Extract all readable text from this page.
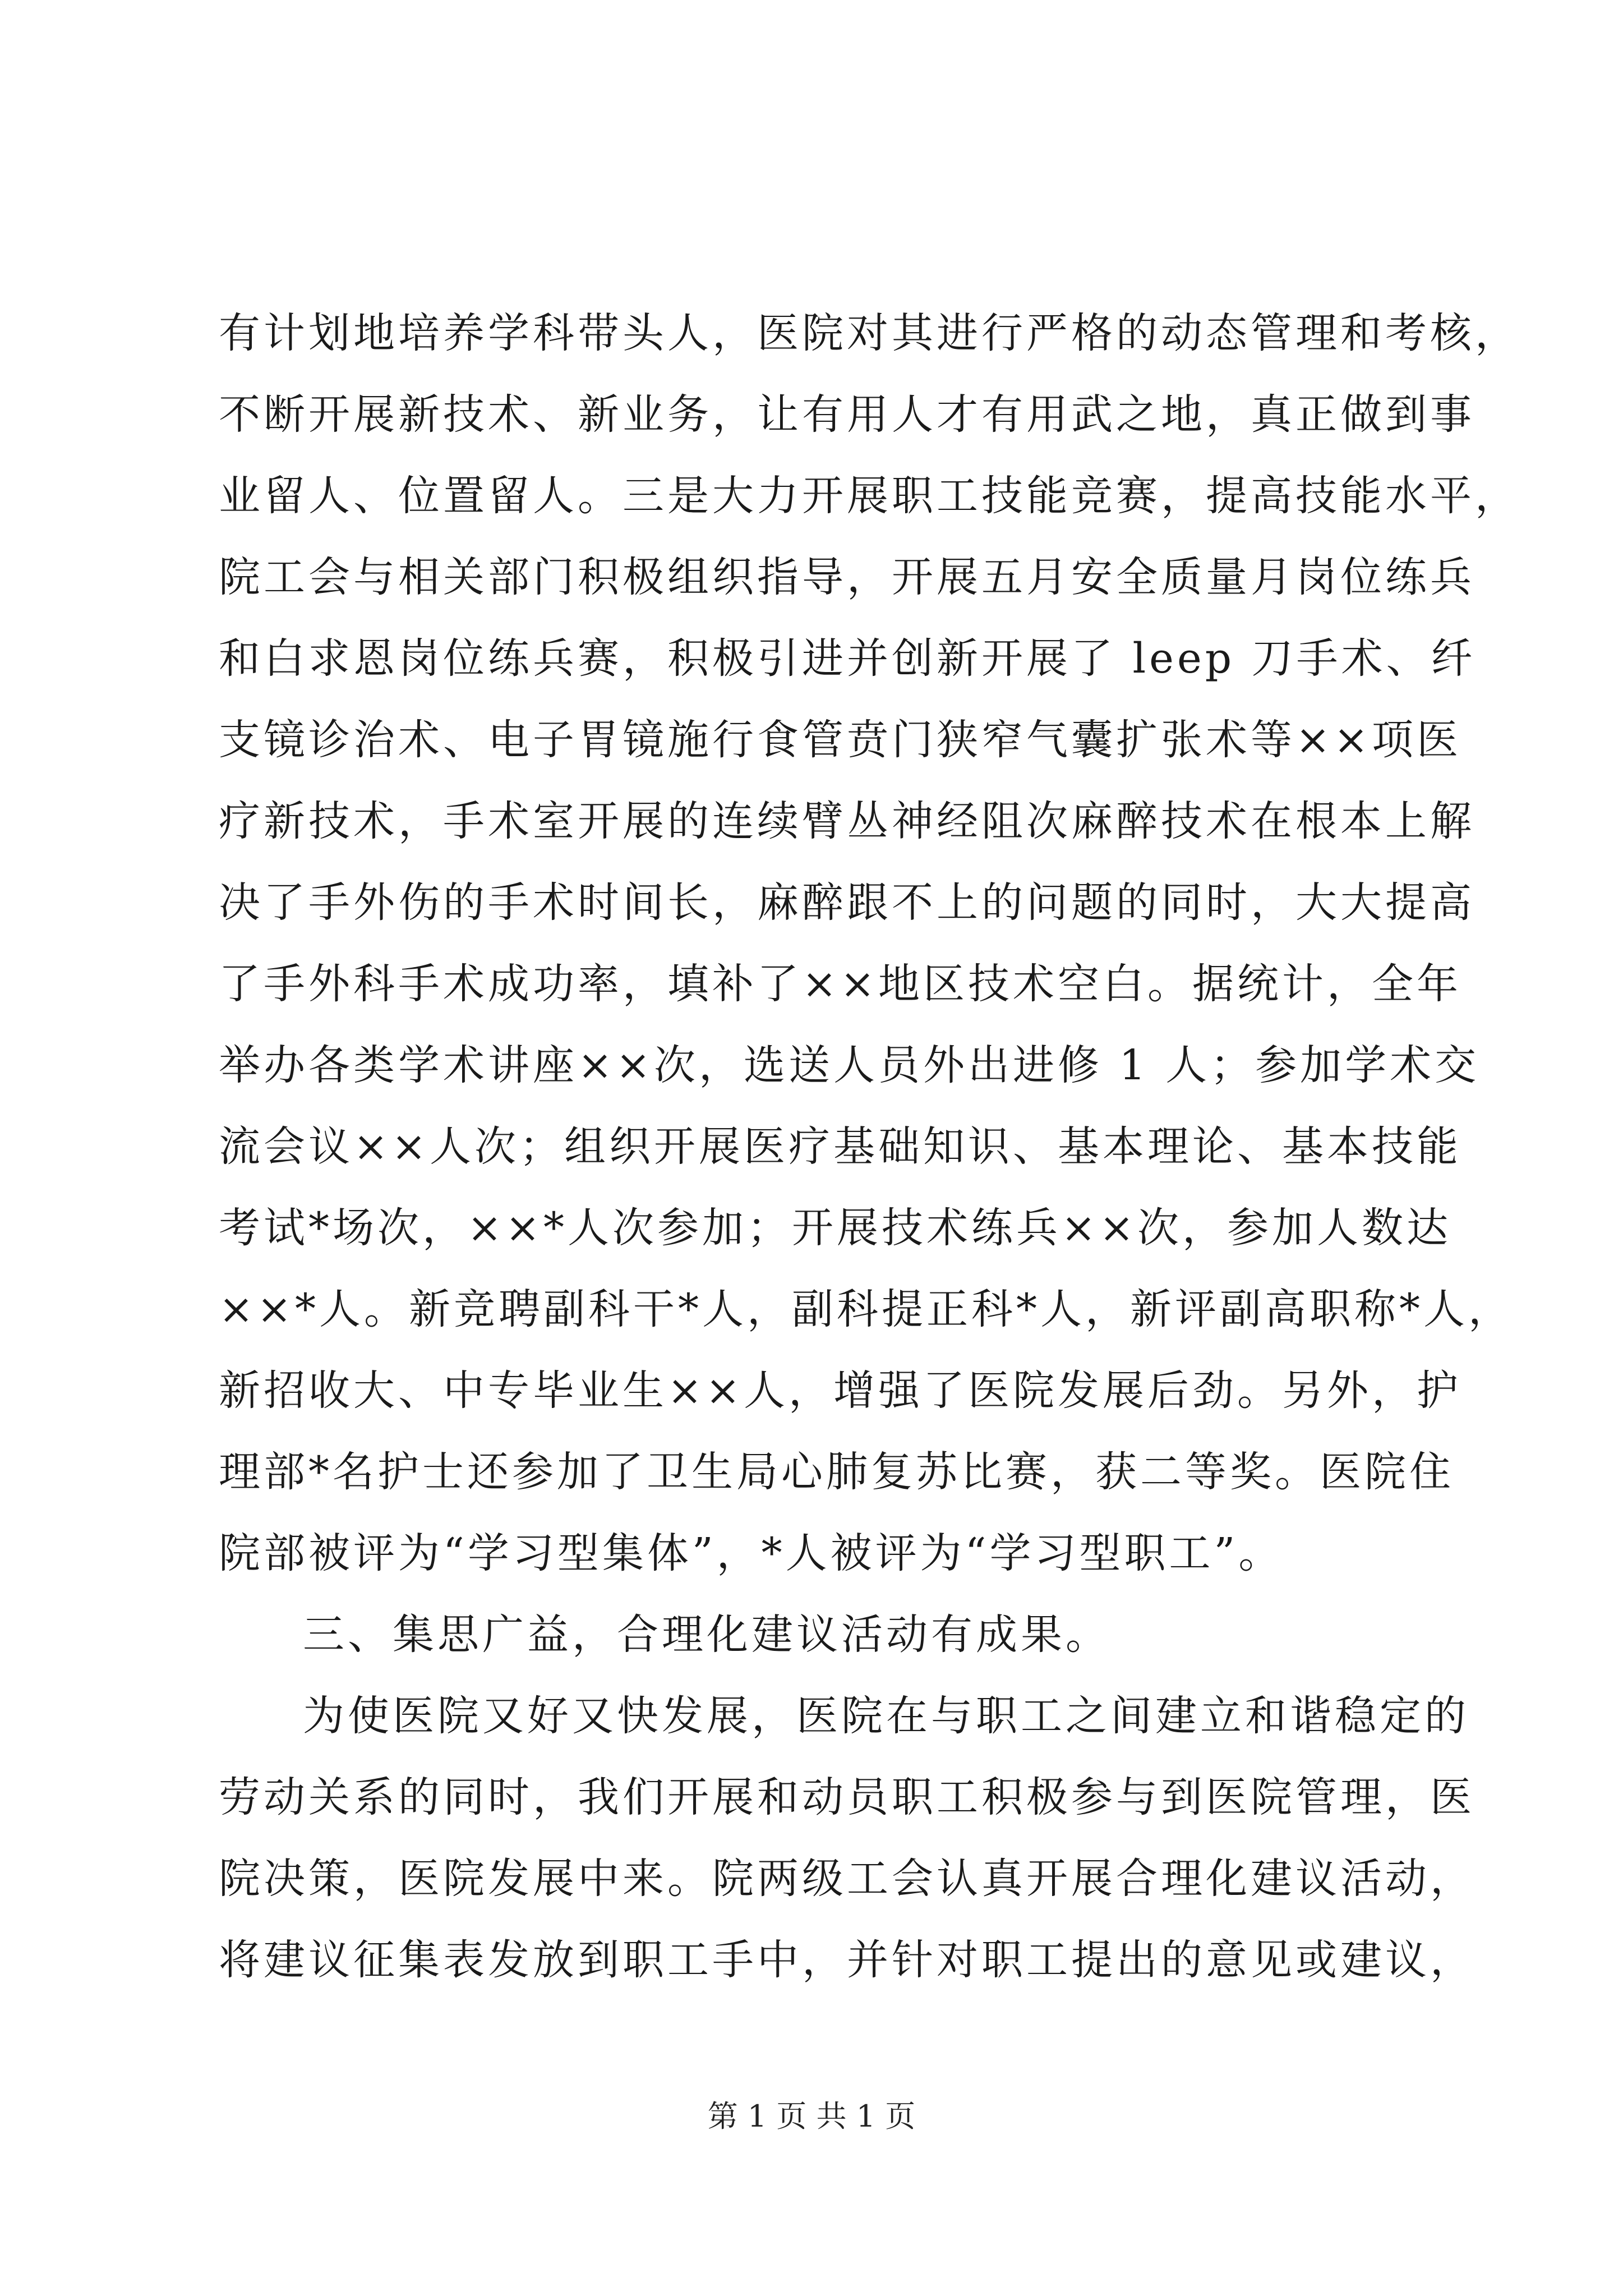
有计划地培养学科带头人，医院对其进行严格的动态管理和考核，
不断开展新技术、新业务，让有用人才有用武之地，真正做到事
业留人、位置留人。三是大力开展职工技能竞赛，提高技能水平，
院工会与相关部门积极组织指导，开展五月安全质量月岗位练兵
和白求恩岗位练兵赛，积极引进并创新开展了 leep 刀手术、纤
支镜诊治术、电子胃镜施行食管贲门狭窄气囊扩张术等××项医
疗新技术，手术室开展的连续臂丛神经阻次麻醉技术在根本上解
决了手外伤的手术时间长，麻醉跟不上的问题的同时，大大提高
了手外科手术成功率，填补了××地区技术空白。据统计，全年
举办各类学术讲座××次，选送人员外出进修 1 人；参加学术交
流会议××人次；组织开展医疗基础知识、基本理论、基本技能
考试*场次，××*人次参加；开展技术练兵××次，参加人数达
××*人。新竞聘副科干*人，副科提正科*人，新评副高职称*人，
新招收大、中专毕业生××人，增强了医院发展后劲。另外，护
理部*名护士还参加了卫生局心肺复苏比赛，获二等奖。医院住
院部被评为“学习型集体”，*人被评为“学习型职工”。
三、集思广益，合理化建议活动有成果。
为使医院又好又快发展，医院在与职工之间建立和谐稳定的
劳动关系的同时，我们开展和动员职工积极参与到医院管理，医
院决策，医院发展中来。院两级工会认真开展合理化建议活动，
将建议征集表发放到职工手中，并针对职工提出的意见或建议，
第 1 页 共 1 页
